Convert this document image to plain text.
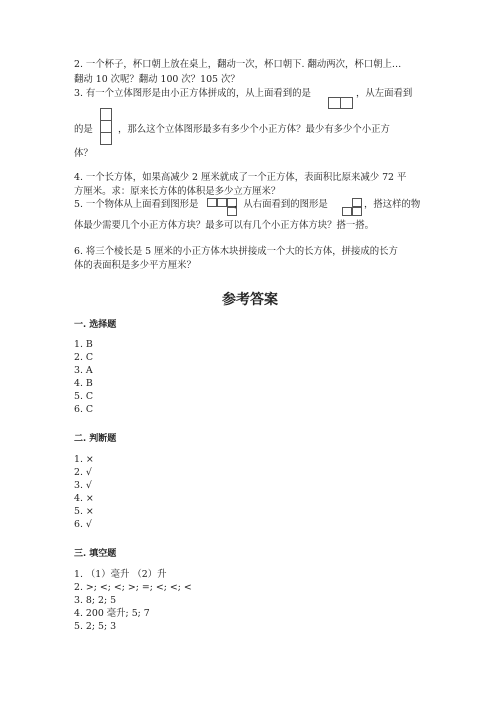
2. 一个杯子，杯口朝上放在桌上，翻动一次，杯口朝下. 翻动两次，杯口朝上…
翻动 10 次呢？翻动 100 次？105 次？
3. 有一个立体图形是由小正方体拼成的，从上面看到的是	，从左面看到
的是	，那么这个立体图形最多有多少个小正方体？最少有多少个小正方
体？
4. 一个长方体，如果高减少 2 厘米就成了一个正方体，表面积比原来减少 72 平
方厘米。求：原来长方体的体积是多少立方厘米？
5. 一个物体从上面看到图形是	，从右面看到的图形是	，搭这样的物
体最少需要几个小正方体方块？最多可以有几个小正方体方块？搭一搭。
6. 将三个棱长是 5 厘米的小正方体木块拼接成一个大的长方体，拼接成的长方
体的表面积是多少平方厘米？
参考答案
一. 选择题
1. B
2. C
3. A
4. B
5. C
6. C
二. 判断题
1. ×
2. √
3. √
4. ×
5. ×
6. √
三. 填空题
1. （1）毫升 （2）升
2. >; <; <; >; =; <; <; <
3. 8; 2; 5
4. 200 毫升; 5; 7
5. 2; 5; 3
